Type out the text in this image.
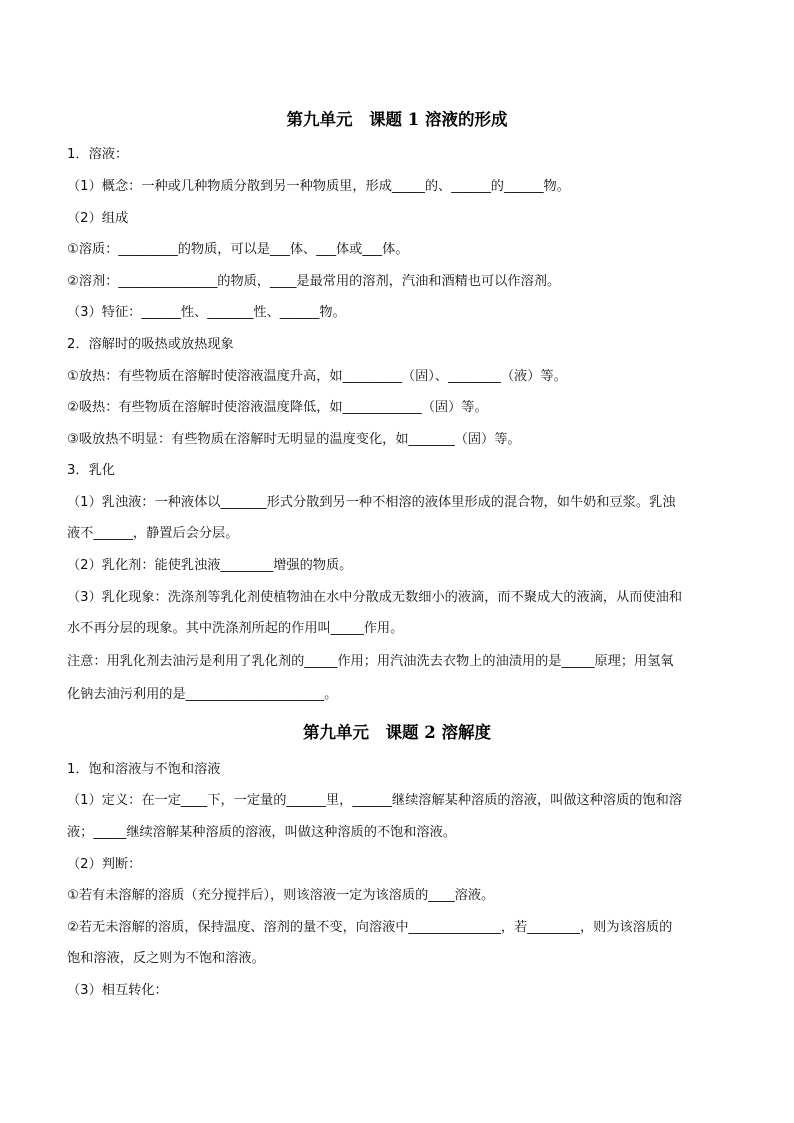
第九单元　课题 1 溶液的形成
1．溶液：
（1）概念：一种或几种物质分散到另一种物质里，形成_____的、______的______物。
（2）组成
①溶质：_________的物质，可以是___体、___体或___体。
②溶剂：_______________的物质，____是最常用的溶剂，汽油和酒精也可以作溶剂。
（3）特征：______性、_______性、______物。
2．溶解时的吸热或放热现象
①放热：有些物质在溶解时使溶液温度升高，如_________（固）、________（液）等。
②吸热：有些物质在溶解时使溶液温度降低，如____________（固）等。
③吸放热不明显：有些物质在溶解时无明显的温度变化，如_______（固）等。
3．乳化
（1）乳浊液：一种液体以_______形式分散到另一种不相溶的液体里形成的混合物，如牛奶和豆浆。乳浊
液不______，静置后会分层。
（2）乳化剂：能使乳浊液________增强的物质。
（3）乳化现象：洗涤剂等乳化剂使植物油在水中分散成无数细小的液滴，而不聚成大的液滴，从而使油和
水不再分层的现象。其中洗涤剂所起的作用叫_____作用。
注意：用乳化剂去油污是利用了乳化剂的_____作用；用汽油洗去衣物上的油渍用的是_____原理；用氢氧
化钠去油污利用的是_____________________。
第九单元　课题 2 溶解度
1．饱和溶液与不饱和溶液
（1）定义：在一定____下，一定量的______里，______继续溶解某种溶质的溶液，叫做这种溶质的饱和溶
液；_____继续溶解某种溶质的溶液，叫做这种溶质的不饱和溶液。
（2）判断：
①若有未溶解的溶质（充分搅拌后），则该溶液一定为该溶质的____溶液。
②若无未溶解的溶质，保持温度、溶剂的量不变，向溶液中______________，若________，则为该溶质的
饱和溶液，反之则为不饱和溶液。
（3）相互转化：
